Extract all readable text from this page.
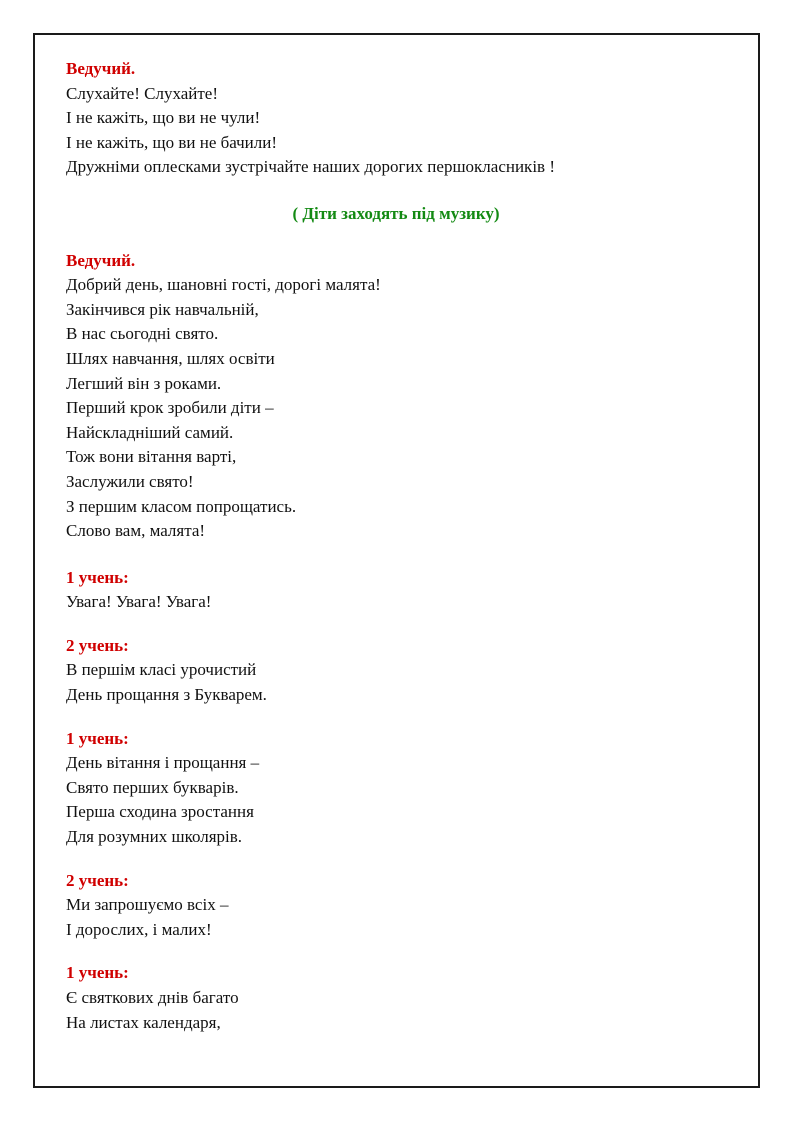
Ведучий.
Слухайте! Слухайте!
І не кажіть, що ви не чули!
І не кажіть, що ви не бачили!
Дружніми оплесками зустрічайте наших дорогих першокласників !
( Діти заходять під музику)
Ведучий.
Добрий день, шановні гості, дорогі малята!
Закінчився рік навчальній,
В нас сьогодні свято.
Шлях навчання, шлях освіти
Легший він з роками.
Перший крок зробили діти –
Найскладніший самий.
Тож вони вітання варті,
Заслужили свято!
З першим класом попрощатись.
Слово вам, малята!
1 учень:
Увага! Увага! Увага!
2 учень:
В першім класі урочистий
День прощання з Букварем.
1 учень:
День вітання і прощання –
Свято перших букварів.
Перша сходина зростання
Для розумних школярів.
2 учень:
Ми запрошуємо всіх –
І дорослих, і малих!
1 учень:
Є святкових днів багато
На листах календаря,
